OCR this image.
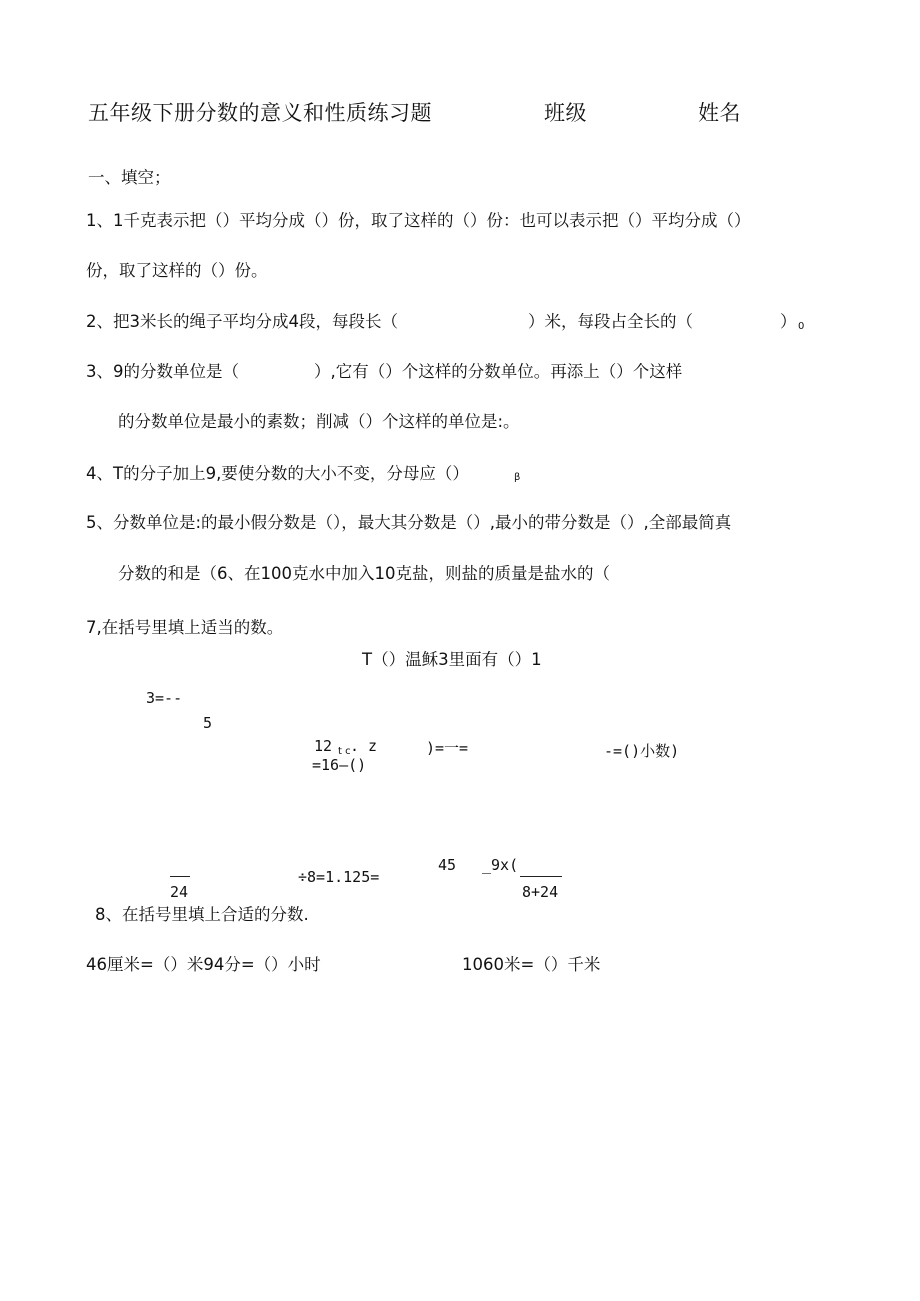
五年级下册分数的意义和性质练习题	班级	姓名
一、填空；
1、1千克表示把（）平均分成（）份，取了这样的（）份：也可以表示把（）平均分成（）
份，取了这样的（）份。
2、把3米长的绳子平均分成4段，每段长（	）米，每段占全长的（	） 0
3、9的分数单位是（	）,它有（）个这样的分数单位。再添上（）个这样
的分数单位是最小的素数；削减（）个这样的单位是:。
4、T的分子加上9,要使分数的大小不变，分母应（）	β
5、分数单位是:的最小假分数是（），最大其分数是（）,最小的带分数是（）,全部最简真
分数的和是（6、在100克水中加入10克盐，则盐的质量是盐水的（
7,在括号里填上适当的数。
T（）温稣3里面有（）1
3=--
5
12 t c . z
=16—()
)=一=	-=()小数)
24
÷8=1.125=
45 _9x(
8+24
8、在括号里填上合适的分数.
46厘米=（）米94分=（）小时	1060米=（）千米
